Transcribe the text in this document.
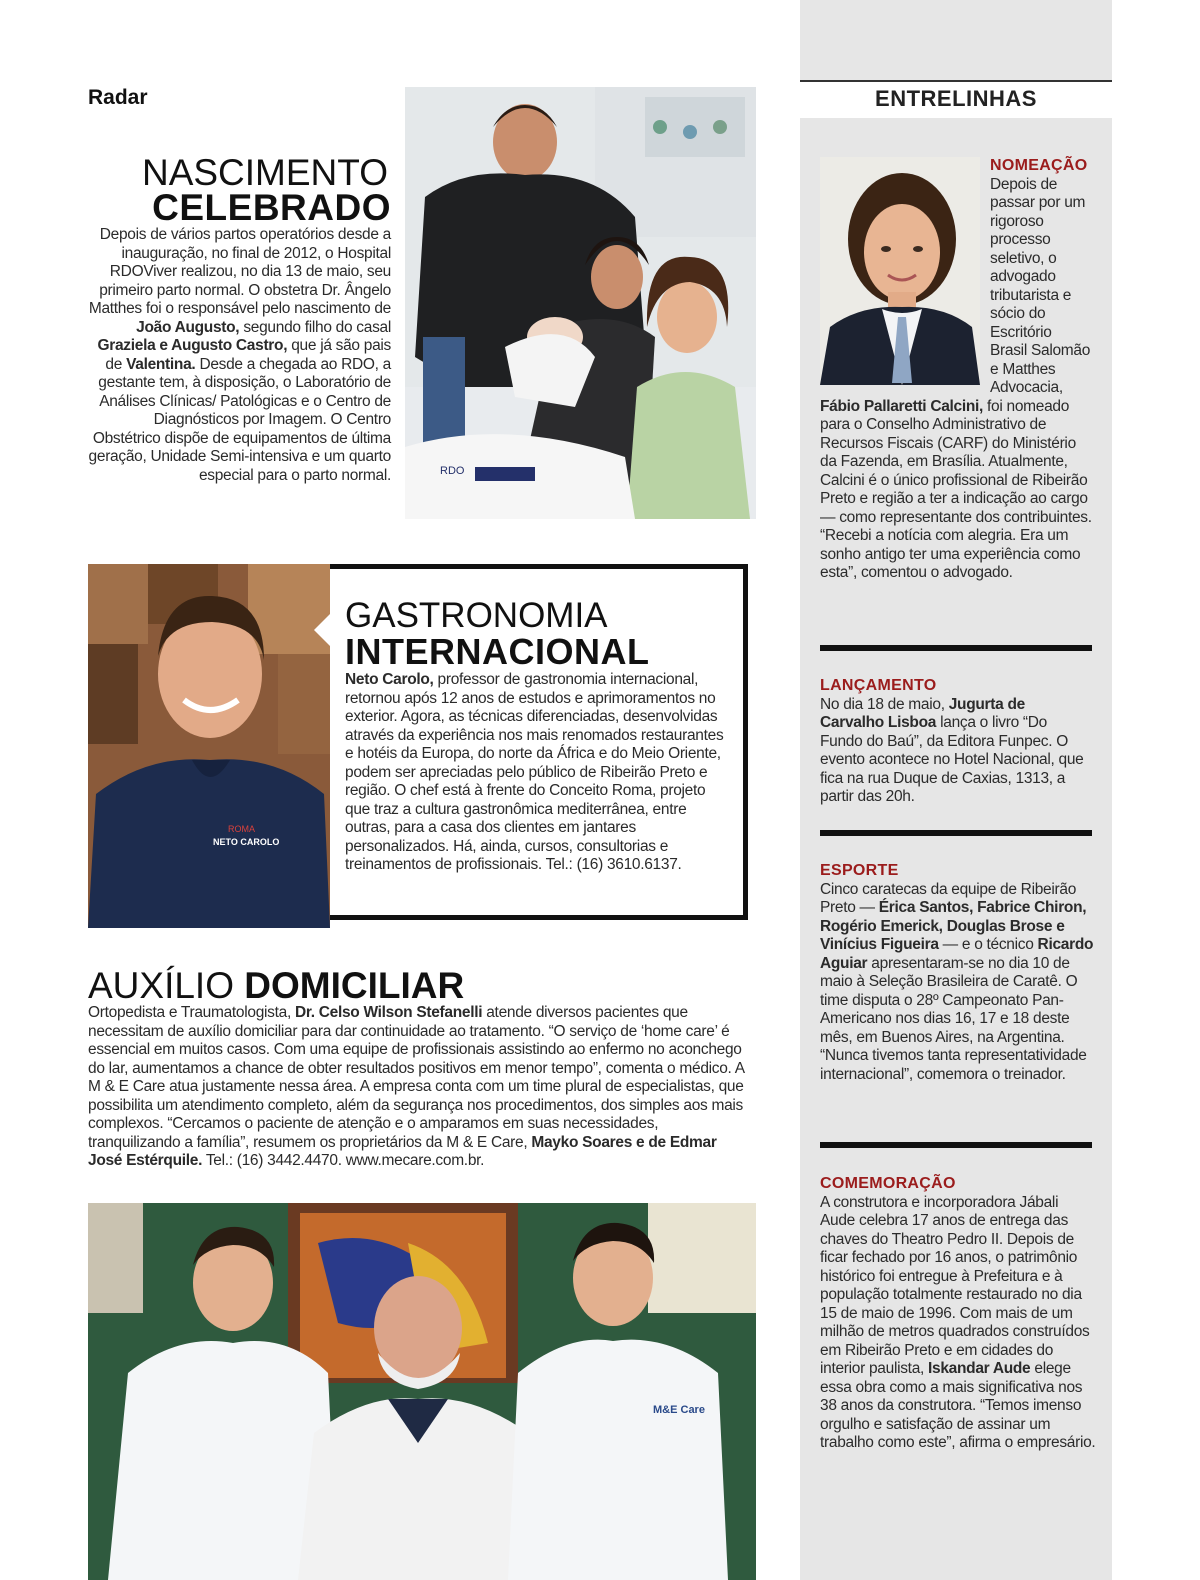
ENTRELINHAS
NOMEAÇÃO
Depois de passar por um rigoroso processo seletivo, o advogado tributarista e sócio do Escritório Brasil Salomão e Matthes Advocacia, Fábio Pallaretti Calcini, foi nomeado para o Conselho Administrativo de Recursos Fiscais (CARF) do Ministério da Fazenda, em Brasília. Atualmente, Calcini é o único profissional de Ribeirão Preto e região a ter a indicação ao cargo — como representante dos contribuintes. “Recebi a notícia com alegria. Era um sonho antigo ter uma experiência como esta”, comentou o advogado.
LANÇAMENTO
No dia 18 de maio, Jugurta de Carvalho Lisboa lança o livro “Do Fundo do Baú”, da Editora Funpec. O evento acontece no Hotel Nacional, que fica na rua Duque de Caxias, 1313, a partir das 20h.
ESPORTE
Cinco caratecas da equipe de Ribeirão Preto — Érica Santos, Fabrice Chiron, Rogério Emerick, Douglas Brose e Vinícius Figueira — e o técnico Ricardo Aguiar apresentaram-se no dia 10 de maio à Seleção Brasileira de Caratê. O time disputa o 28º Campeonato Pan-Americano nos dias 16, 17 e 18 deste mês, em Buenos Aires, na Argentina. “Nunca tivemos tanta representatividade internacional”, comemora o treinador.
COMEMORAÇÃO
A construtora e incorporadora Jábali Aude celebra 17 anos de entrega das chaves do Theatro Pedro II. Depois de ficar fechado por 16 anos, o patrimônio histórico foi entregue à Prefeitura e à população totalmente restaurado no dia 15 de maio de 1996. Com mais de um milhão de metros quadrados construídos em Ribeirão Preto e em cidades do interior paulista, Iskandar Aude elege essa obra como a mais significativa nos 38 anos da construtora. “Temos imenso orgulho e satisfação de assinar um trabalho como este”, afirma o empresário.
Radar
RDO
NASCIMENTO
CELEBRADO
Depois de vários partos operatórios desde a inauguração, no final de 2012, o Hospital RDOViver realizou, no dia 13 de maio, seu primeiro parto normal. O obstetra Dr. Ângelo Matthes foi o responsável pelo nascimento de João Augusto, segundo filho do casal Graziela e Augusto Castro, que já são pais de Valentina. Desde a chegada ao RDO, a gestante tem, à disposição, o Laboratório de Análises Clínicas/ Patológicas e o Centro de Diagnósticos por Imagem. O Centro Obstétrico dispõe de equipamentos de última geração, Unidade Semi-intensiva e um quarto especial para o parto normal.
ROMA
NETO CAROLO
GASTRONOMIA
INTERNACIONAL
Neto Carolo, professor de gastronomia internacional, retornou após 12 anos de estudos e aprimoramentos no exterior. Agora, as técnicas diferenciadas, desenvolvidas através da experiência nos mais renomados restaurantes e hotéis da Europa, do norte da África e do Meio Oriente, podem ser apreciadas pelo público de Ribeirão Preto e região. O chef está à frente do Conceito Roma, projeto que traz a cultura gastronômica mediterrânea, entre outras, para a casa dos clientes em jantares personalizados. Há, ainda, cursos, consultorias e treinamentos de profissionais. Tel.: (16) 3610.6137.
AUXÍLIO DOMICILIAR
Ortopedista e Traumatologista, Dr. Celso Wilson Stefanelli atende diversos pacientes que necessitam de auxílio domiciliar para dar continuidade ao tratamento. “O serviço de ‘home care’ é essencial em muitos casos. Com uma equipe de profissionais assistindo ao enfermo no aconchego do lar, aumentamos a chance de obter resultados positivos em menor tempo”, comenta o médico. A M & E Care atua justamente nessa área. A empresa conta com um time plural de especialistas, que possibilita um atendimento completo, além da segurança nos procedimentos, dos simples aos mais complexos. “Cercamos o paciente de atenção e o amparamos em suas necessidades, tranquilizando a família”, resumem os proprietários da M & E Care, Mayko Soares e de Edmar José Estérquile. Tel.: (16) 3442.4470. www.mecare.com.br.
M&E Care
